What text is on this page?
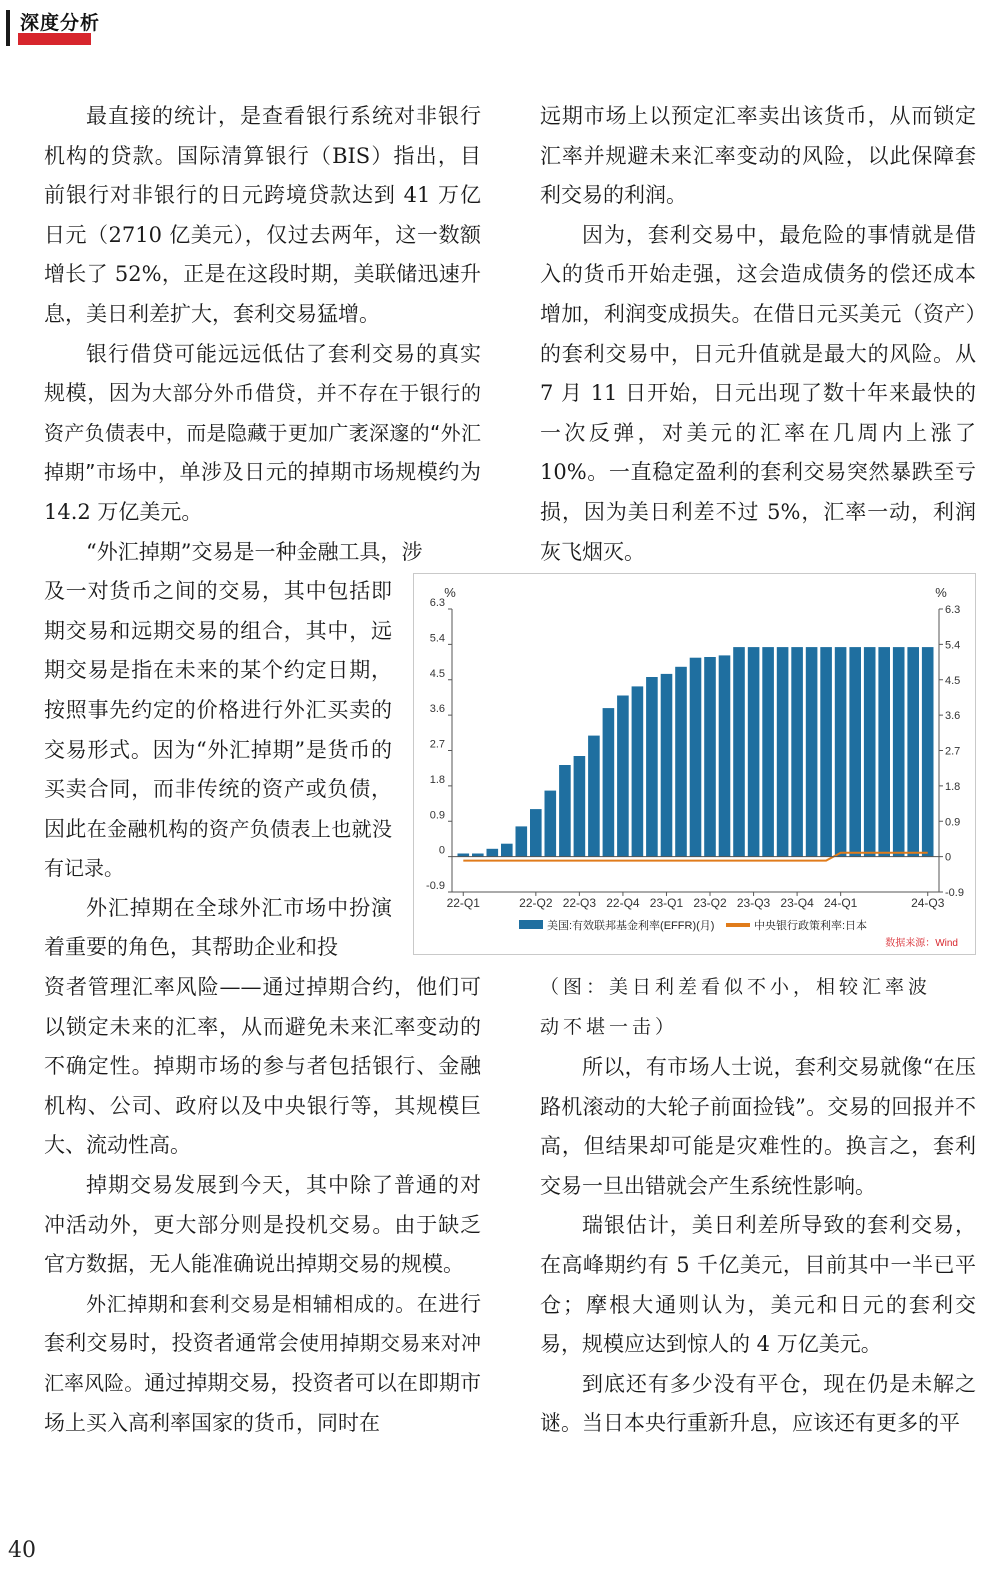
深度分析

最直接的统计，是查看银行系统对非银行机构的贷款。国际清算银行（BIS）指出，目前银行对非银行的日元跨境贷款达到 41 万亿日元（2710 亿美元），仅过去两年，这一数额增长了 52%，正是在这段时期，美联储迅速升息，美日利差扩大，套利交易猛增。

银行借贷可能远远低估了套利交易的真实规模，因为大部分外币借贷，并不存在于银行的资产负债表中，而是隐藏于更加广袤深邃的“外汇掉期”市场中，单涉及日元的掉期市场规模约为 14.2 万亿美元。

“外汇掉期”交易是一种金融工具，涉

及一对货币之间的交易，其中包括即期交易和远期交易的组合，其中，远期交易是指在未来的某个约定日期，按照事先约定的价格进行外汇买卖的交易形式。因为“外汇掉期”是货币的买卖合同，而非传统的资产或负债，因此在金融机构的资产负债表上也就没有记录。

外汇掉期在全球外汇市场中扮演着重要的角色，其帮助企业和投

资者管理汇率风险——通过掉期合约，他们可以锁定未来的汇率，从而避免未来汇率变动的不确定性。掉期市场的参与者包括银行、金融机构、公司、政府以及中央银行等，其规模巨大、流动性高。

掉期交易发展到今天，其中除了普通的对冲活动外，更大部分则是投机交易。由于缺乏官方数据，无人能准确说出掉期交易的规模。

外汇掉期和套利交易是相辅相成的。在进行套利交易时，投资者通常会使用掉期交易来对冲汇率风险。通过掉期交易，投资者可以在即期市场上买入高利率国家的货币，同时在

远期市场上以预定汇率卖出该货币，从而锁定汇率并规避未来汇率变动的风险，以此保障套利交易的利润。

因为，套利交易中，最危险的事情就是借入的货币开始走强，这会造成债务的偿还成本增加，利润变成损失。在借日元买美元（资产）的套利交易中，日元升值就是最大的风险。从 7 月 11 日开始，日元出现了数十年来最快的一次反弹，对美元的汇率在几周内上涨了 10%。一直稳定盈利的套利交易突然暴跌至亏损，因为美日利差不过 5%，汇率一动，利润灰飞烟灭。

%	%
6.3
6.3
5.4
5.4
4.5
4.5
3.6
3.6
2.7
2.7
1.8
1.8
0.9
0.9
0
0
-0.9
-0.9
22-Q1	22-Q2 22-Q3 22-Q4 23-Q1 23-Q2 23-Q3 23-Q4 24-Q1	24-Q3
美国:有效联邦基金利率(EFFR)(月)	中央银行政策利率:日本
数据来源：Wind
（图：美日利差看似不小，相较汇率波
动不堪一击）

所以，有市场人士说，套利交易就像“在压路机滚动的大轮子前面捡钱”。交易的回报并不高，但结果却可能是灾难性的。换言之，套利交易一旦出错就会产生系统性影响。

瑞银估计，美日利差所导致的套利交易，在高峰期约有 5 千亿美元，目前其中一半已平仓；摩根大通则认为，美元和日元的套利交易，规模应达到惊人的 4 万亿美元。

到底还有多少没有平仓，现在仍是未解之谜。当日本央行重新升息，应该还有更多的平

40
